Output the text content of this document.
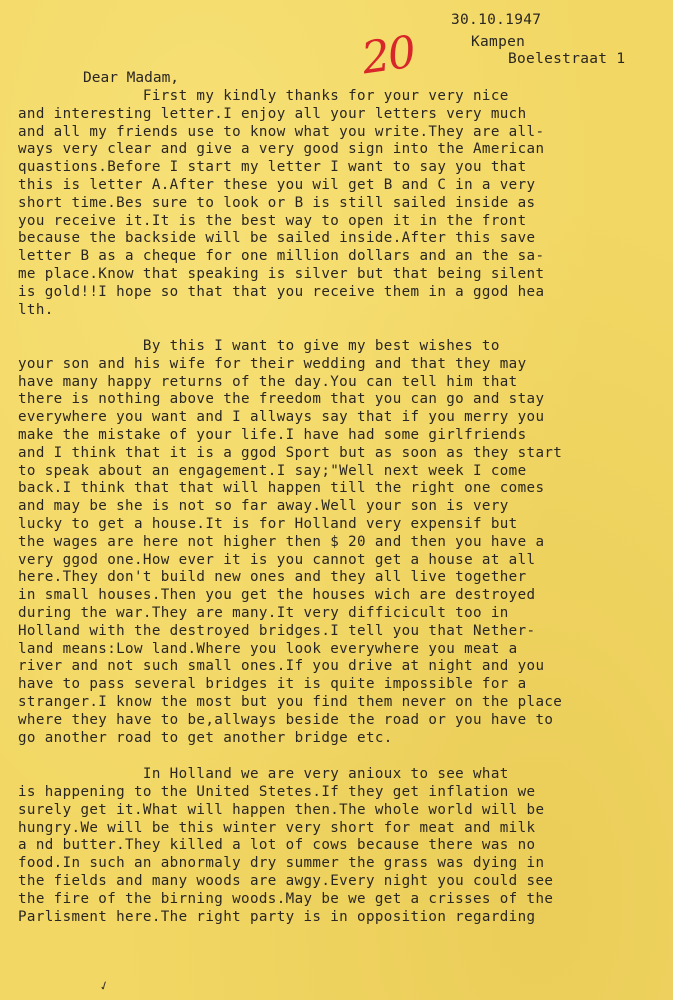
20
30.10.1947
Kampen
Boelestraat 1
Dear Madam,
First my kindly thanks for your very nice
and interesting letter.I enjoy all your letters very much
and all my friends use to know what you write.They are all-
ways very clear and give a very good sign into the American
quastions.Before I start my letter I want to say you that
this is letter A.After these you wil get B and C in a very
short time.Bes sure to look or B is still sailed inside as
you receive it.It is the best way to open it in the front
because the backside will be sailed inside.After this save
letter B as a cheque for one million dollars and an the sa-
me place.Know that speaking is silver but that being silent
is gold!!I hope so that that you receive them in a ggod hea
lth.
By this I want to give my best wishes to
your son and his wife for their wedding and that they may
have many happy returns of the day.You can tell him that
there is nothing above the freedom that you can go and stay
everywhere you want and I allways say that if you merry you
make the mistake of your life.I have had some girlfriends
and I think that it is a ggod Sport but as soon as they start
to speak about an engagement.I say;"Well next week I come
back.I think that that will happen till the right one comes
and may be she is not so far away.Well your son is very
lucky to get a house.It is for Holland very expensif but
the wages are here not higher then $ 20 and then you have a
very ggod one.How ever it is you cannot get a house at all
here.They don't build new ones and they all live together
in small houses.Then you get the houses wich are destroyed
during the war.They are many.It very difficicult too in
Holland with the destroyed bridges.I tell you that Nether-
land means:Low land.Where you look everywhere you meat a
river and not such small ones.If you drive at night and you
have to pass several bridges it is quite impossible for a
stranger.I know the most but you find them never on the place
where they have to be,allways beside the road or you have to
go another road to get another bridge etc.
In Holland we are very anioux to see what
is happening to the United Stetes.If they get inflation we
surely get it.What will happen then.The whole world will be
hungry.We will be this winter very short for meat and milk
a nd butter.They killed a lot of cows because there was no
food.In such an abnormaly dry summer the grass was dying in
the fields and many woods are awgy.Every night you could see
the fire of the birning woods.May be we get a crisses of the
Parlisment here.The right party is in opposition regarding
✓
